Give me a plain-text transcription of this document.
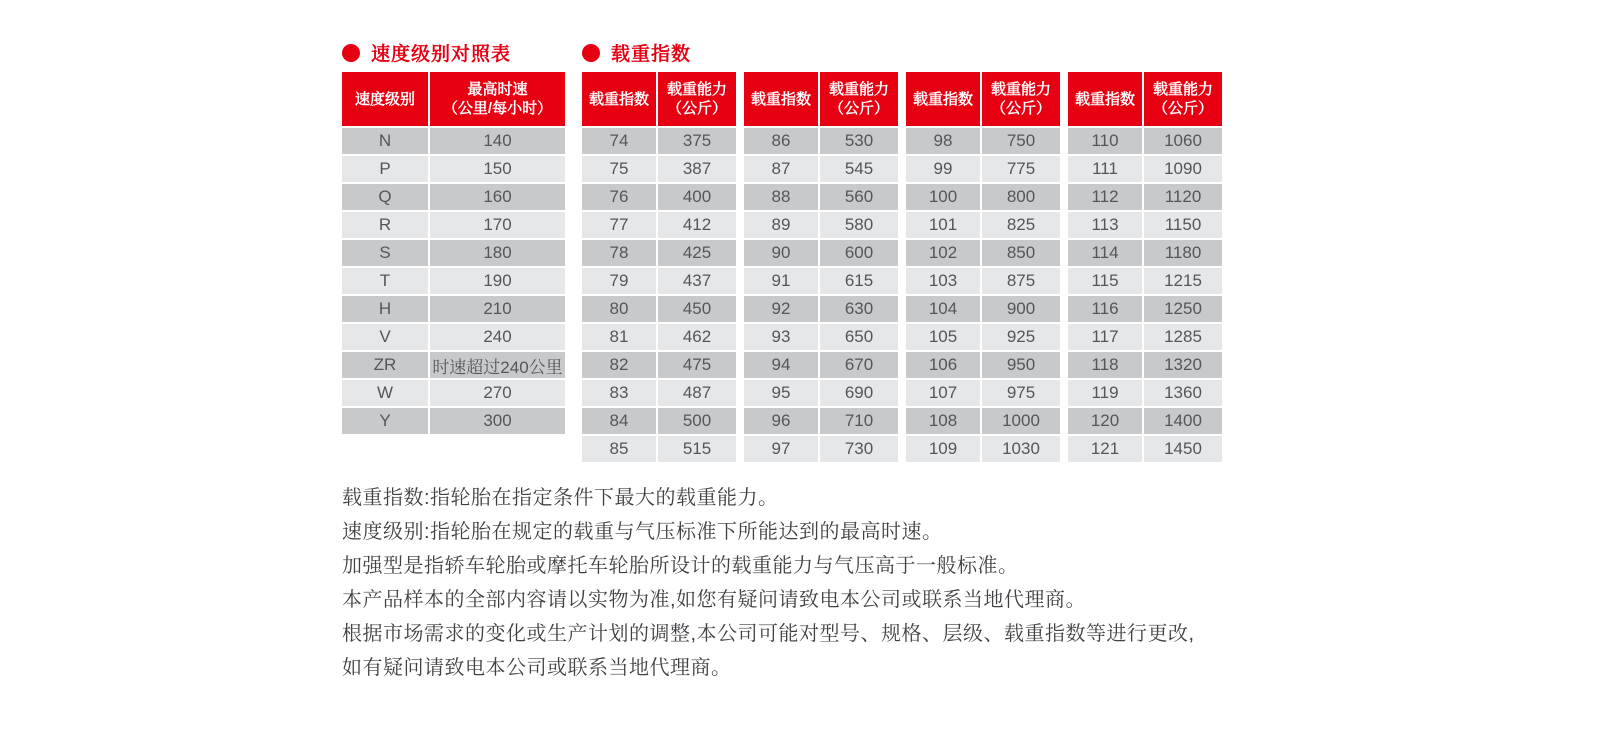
速度级别对照表	载重指数
速度级别
最高时速
（公里/每小时）
N	140
P	150
Q	160
R	170
S	180
T	190
H	210
V	240
ZR	时速超过240公里
W	270
Y	300
载重指数
载重能力
（公斤）
74	375
75	387
76	400
77	412
78	425
79	437
80	450
81	462
82	475
83	487
84	500
85	515
载重指数
载重能力
（公斤）
86	530
87	545
88	560
89	580
90	600
91	615
92	630
93	650
94	670
95	690
96	710
97	730
载重指数
载重能力
（公斤）
98	750
99	775
100	800
101	825
102	850
103	875
104	900
105	925
106	950
107	975
108	1000
109	1030
载重指数
载重能力
（公斤）
110	1060
111	1090
112	1120
113	1150
114	1180
115	1215
116	1250
117	1285
118	1320
119	1360
120	1400
121	1450
载重指数:指轮胎在指定条件下最大的载重能力。
速度级别:指轮胎在规定的载重与气压标准下所能达到的最高时速。
加强型是指轿车轮胎或摩托车轮胎所设计的载重能力与气压高于一般标准。
本产品样本的全部内容请以实物为准,如您有疑问请致电本公司或联系当地代理商。
根据市场需求的变化或生产计划的调整,本公司可能对型号、规格、层级、载重指数等进行更改,
如有疑问请致电本公司或联系当地代理商。
